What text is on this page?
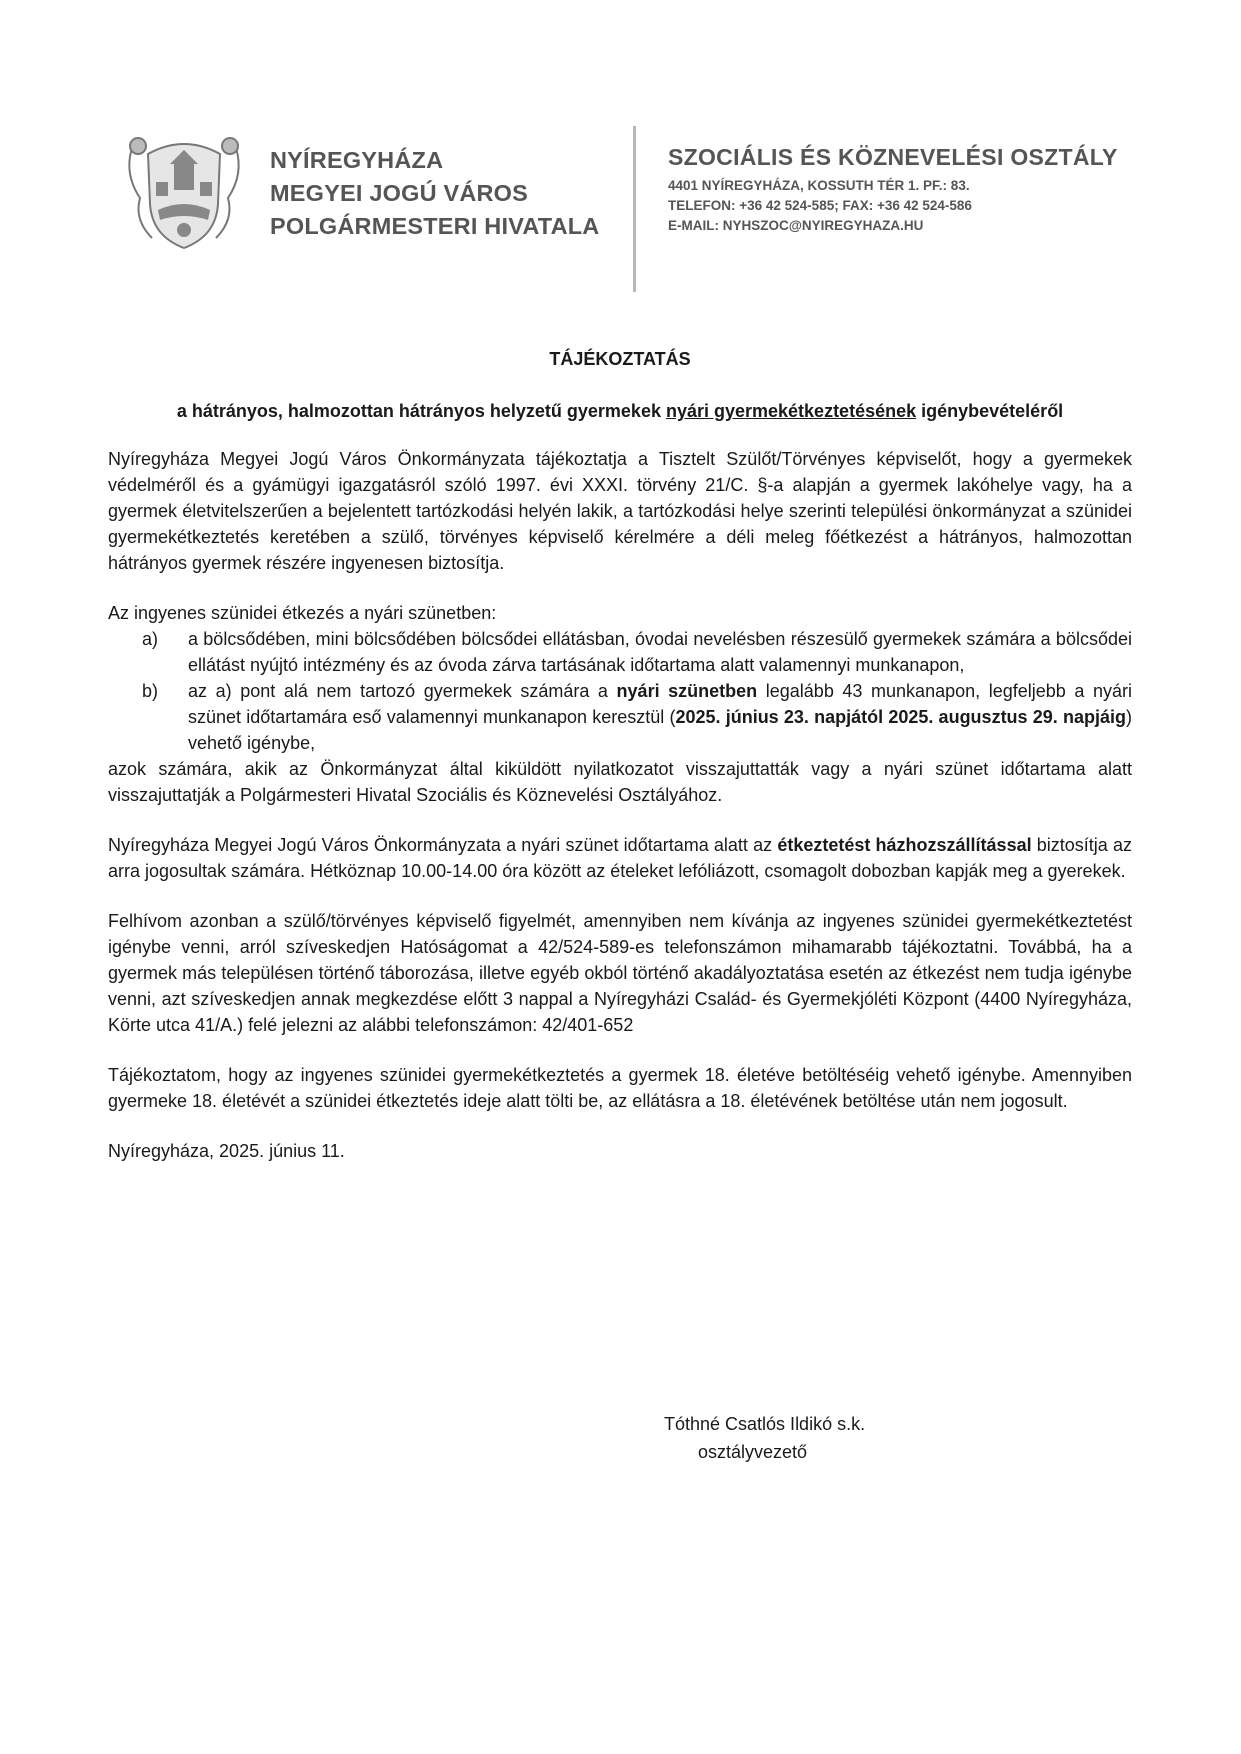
NYÍREGYHÁZA
MEGYEI JOGÚ VÁROS
POLGÁRMESTERI HIVATALA
SZOCIÁLIS ÉS KÖZNEVELÉSI OSZTÁLY
4401 NYÍREGYHÁZA, KOSSUTH TÉR 1. PF.: 83.
TELEFON: +36 42 524-585; FAX: +36 42 524-586
E-MAIL: NYHSZOC@NYIREGYHAZA.HU
TÁJÉKOZTATÁS
a hátrányos, halmozottan hátrányos helyzetű gyermekek nyári gyermekétkeztetésének igénybevételéről

Nyíregyháza Megyei Jogú Város Önkormányzata tájékoztatja a Tisztelt Szülőt/Törvényes képviselőt, hogy a gyermekek védelméről és a gyámügyi igazgatásról szóló 1997. évi XXXI. törvény 21/C. §-a alapján a gyermek lakóhelye vagy, ha a gyermek életvitelszerűen a bejelentett tartózkodási helyén lakik, a tartózkodási helye szerinti települési önkormányzat a szünidei gyermekétkeztetés keretében a szülő, törvényes képviselő kérelmére a déli meleg főétkezést a hátrányos, halmozottan hátrányos gyermek részére ingyenesen biztosítja.

Az ingyenes szünidei étkezés a nyári szünetben:

a) a bölcsődében, mini bölcsődében bölcsődei ellátásban, óvodai nevelésben részesülő gyermekek számára a bölcsődei ellátást nyújtó intézmény és az óvoda zárva tartásának időtartama alatt valamennyi munkanapon,
b) az a) pont alá nem tartozó gyermekek számára a nyári szünetben legalább 43 munkanapon, legfeljebb a nyári szünet időtartamára eső valamennyi munkanapon keresztül (2025. június 23. napjától 2025. augusztus 29. napjáig) vehető igénybe,

azok számára, akik az Önkormányzat által kiküldött nyilatkozatot visszajuttatták vagy a nyári szünet időtartama alatt visszajuttatják a Polgármesteri Hivatal Szociális és Köznevelési Osztályához.

Nyíregyháza Megyei Jogú Város Önkormányzata a nyári szünet időtartama alatt az étkeztetést házhozszállítással biztosítja az arra jogosultak számára. Hétköznap 10.00-14.00 óra között az ételeket lefóliázott, csomagolt dobozban kapják meg a gyerekek.

Felhívom azonban a szülő/törvényes képviselő figyelmét, amennyiben nem kívánja az ingyenes szünidei gyermekétkeztetést igénybe venni, arról szíveskedjen Hatóságomat a 42/524-589-es telefonszámon mihamarabb tájékoztatni. Továbbá, ha a gyermek más településen történő táborozása, illetve egyéb okból történő akadályoztatása esetén az étkezést nem tudja igénybe venni, azt szíveskedjen annak megkezdése előtt 3 nappal a Nyíregyházi Család- és Gyermekjóléti Központ (4400 Nyíregyháza, Körte utca 41/A.) felé jelezni az alábbi telefonszámon: 42/401-652

Tájékoztatom, hogy az ingyenes szünidei gyermekétkeztetés a gyermek 18. életéve betöltéséig vehető igénybe. Amennyiben gyermeke 18. életévét a szünidei étkeztetés ideje alatt tölti be, az ellátásra a 18. életévének betöltése után nem jogosult.

Nyíregyháza, 2025. június 11.

Tóthné Csatlós Ildikó s.k.
osztályvezető
